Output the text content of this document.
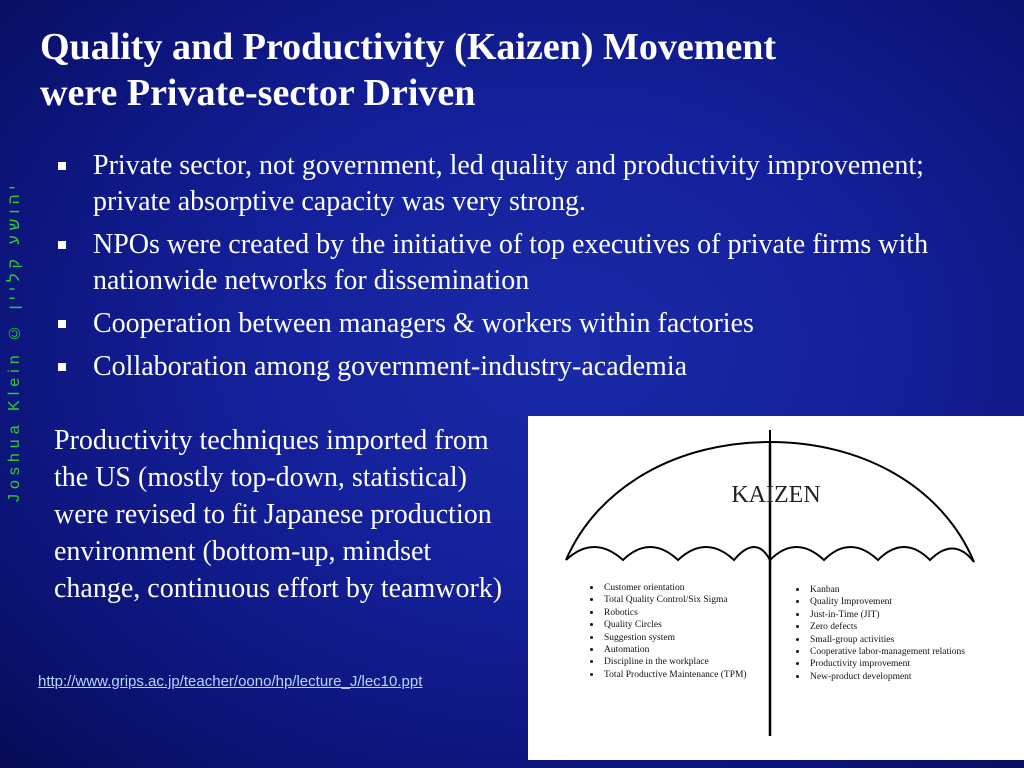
Quality and Productivity (Kaizen) Movement
were Private-sector Driven
Joshua Klein © יהושע קליין
Private sector, not government, led quality and productivity improvement; private absorptive capacity was very strong.
NPOs were created by the initiative of top executives of private firms with nationwide networks for dissemination
Cooperation between managers & workers within factories
Collaboration among government-industry-academia

Productivity techniques imported from the US (mostly top-down, statistical) were revised to fit Japanese production environment (bottom-up, mindset change, continuous effort by teamwork)

http://www.grips.ac.jp/teacher/oono/hp/lecture_J/lec10.ppt
KAIZEN
Customer orientation
Total Quality Control/Six Sigma
Robotics
Quality Circles
Suggestion system
Automation
Discipline in the workplace
Total Productive Maintenance (TPM)
Kanban
Quality Improvement
Just-in-Time (JIT)
Zero defects
Small-group activities
Cooperative labor-management relations
Productivity improvement
New-product development
